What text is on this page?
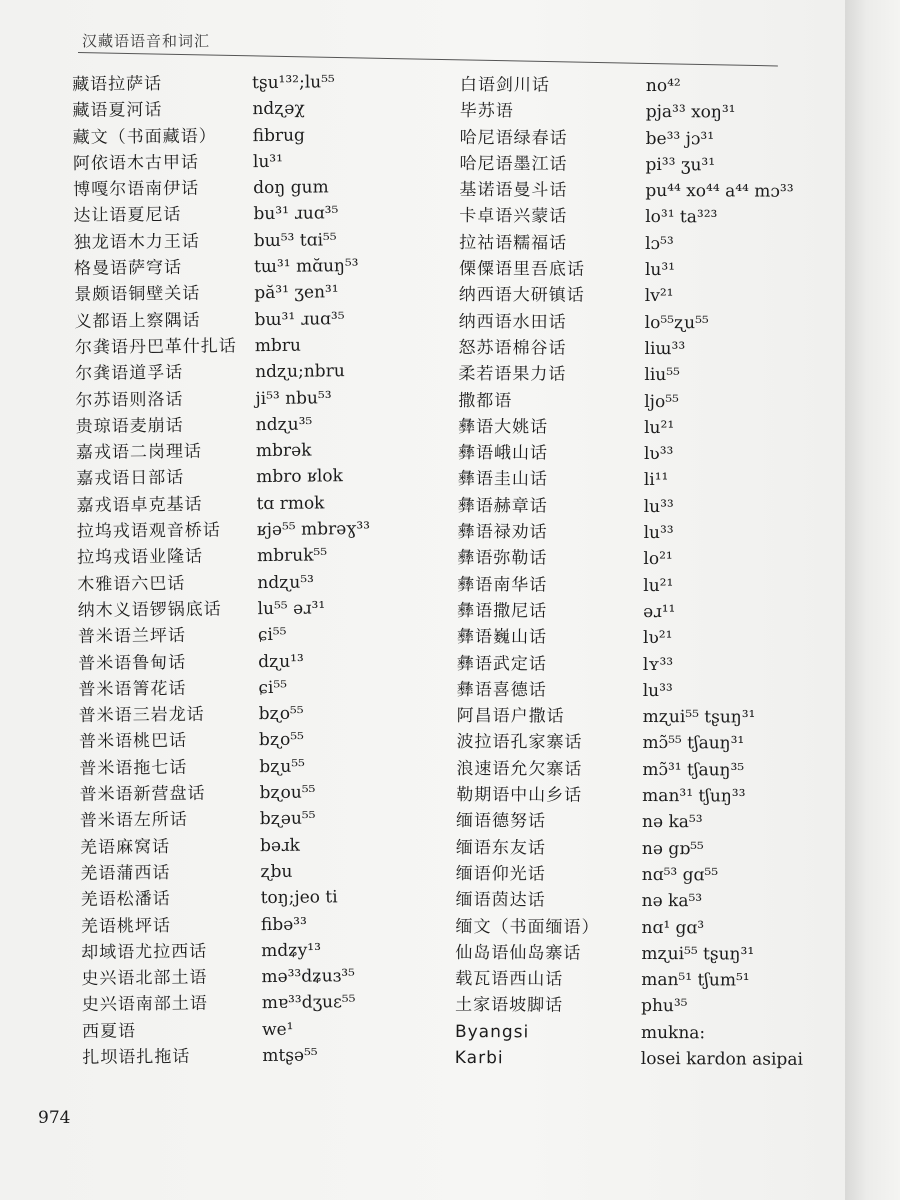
汉藏语语音和词汇
藏语拉萨话	tʂu¹³²;lu⁵⁵
藏语夏河话	ndʐəχ
藏文（书面藏语） fibrug
阿依语木古甲话	lu³¹
博嘎尔语南伊话	doŋ gum
达让语夏尼话	bu³¹ ɹuɑ³⁵
独龙语木力王话	bɯ⁵³ tɑi⁵⁵
格曼语萨穹话	tɯ³¹ mɑ̆uŋ⁵³
景颇语铜壁关话	pă³¹ ʒen³¹
义都语上察隅话	bɯ³¹ ɹuɑ³⁵
尔龚语丹巴革什扎话 mbru
尔龚语道孚话	ndʐu;nbru
尔苏语则洛话	ji⁵³ nbu⁵³
贵琼语麦崩话	ndʐu³⁵
嘉戎语二岗理话	mbrək
嘉戎语日部话	mbro ʁlok
嘉戎语卓克基话	tɑ rmok
拉坞戎语观音桥话 ʁjə⁵⁵ mbrəɣ³³
拉坞戎语业隆话	mbruk⁵⁵
木雅语六巴话	ndʐu⁵³
纳木义语锣锅底话 lu⁵⁵ əɹ³¹
普米语兰坪话	ɕi⁵⁵
普米语鲁甸话	dʐu¹³
普米语箐花话	ɕi⁵⁵
普米语三岩龙话	bʐo⁵⁵
普米语桃巴话	bʐo⁵⁵
普米语拖七话	bʐu⁵⁵
普米语新营盘话	bʐou⁵⁵
普米语左所话	bʐəu⁵⁵
羌语麻窝话	bəɹk
羌语蒲西话	ʐbu
羌语松潘话	toŋ;jeo ti
羌语桃坪话	fibə³³
却域语尤拉西话	mdʑy¹³
史兴语北部土语	mə³³dʑuɜ³⁵
史兴语南部土语	mɐ³³dʒuɛ⁵⁵
西夏语	we¹
扎坝语扎拖话	mtʂə⁵⁵
白语剑川话	no⁴²
毕苏语	pja³³ xoŋ³¹
哈尼语绿春话	be³³ jɔ³¹
哈尼语墨江话	pi³³ ʒu³¹
基诺语曼斗话	pu⁴⁴ xo⁴⁴ a⁴⁴ mɔ³³
卡卓语兴蒙话	lo³¹ ta³²³
拉祜语糯福话	lɔ⁵³
傈僳语里吾底话	lu³¹
纳西语大研镇话	lv²¹
纳西语水田话	lo⁵⁵ʐu⁵⁵
怒苏语棉谷话	liɯ³³
柔若语果力话	liu⁵⁵
撒都语	ljo⁵⁵
彝语大姚话	lu²¹
彝语峨山话	lʋ³³
彝语圭山话	li¹¹
彝语赫章话	lu³³
彝语禄劝话	lu³³
彝语弥勒话	lo²¹
彝语南华话	lu²¹
彝语撒尼话	əɹ¹¹
彝语巍山话	lʋ²¹
彝语武定话	lʏ³³
彝语喜德话	lu³³
阿昌语户撒话	mʐui⁵⁵ tʂuŋ³¹
波拉语孔家寨话	mɔ̃⁵⁵ tʃauŋ³¹
浪速语允欠寨话	mɔ̃³¹ tʃauŋ³⁵
勒期语中山乡话	man³¹ tʃuŋ³³
缅语德努话	nə ka⁵³
缅语东友话	nə gɒ⁵⁵
缅语仰光话	nɑ⁵³ gɑ⁵⁵
缅语茵达话	nə ka⁵³
缅文（书面缅语） nɑ¹ gɑ³
仙岛语仙岛寨话	mʐui⁵⁵ tʂuŋ³¹
载瓦语西山话	man⁵¹ tʃum⁵¹
土家语坡脚话	phu³⁵
Byangsi	mukna:
Karbi	losei kardon asipai
974
